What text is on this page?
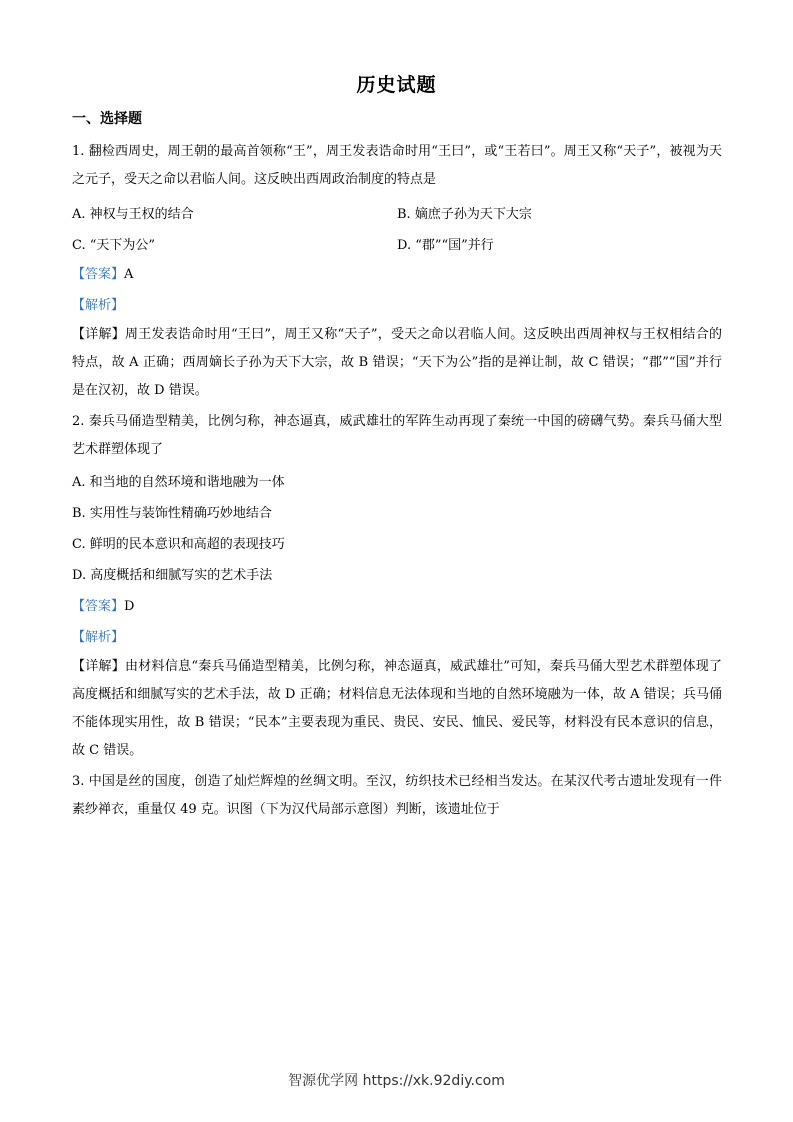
历史试题
一、选择题
1. 翻检西周史，周王朝的最高首领称“王”，周王发表诰命时用“王曰”，或“王若曰”。周王又称“天子”，被视为天之元子，受天之命以君临人间。这反映出西周政治制度的特点是
A. 神权与王权的结合	B. 嫡庶子孙为天下大宗
C. “天下为公”	D. “郡”“国”并行
【答案】A
【解析】
【详解】周王发表诰命时用“王曰”，周王又称“天子”，受天之命以君临人间。这反映出西周神权与王权相结合的特点，故 A 正确；西周嫡长子孙为天下大宗，故 B 错误；“天下为公”指的是禅让制，故 C 错误；“郡”“国”并行是在汉初，故 D 错误。
2. 秦兵马俑造型精美，比例匀称，神态逼真，威武雄壮的军阵生动再现了秦统一中国的磅礴气势。秦兵马俑大型艺术群塑体现了
A. 和当地的自然环境和谐地融为一体
B. 实用性与装饰性精确巧妙地结合
C. 鲜明的民本意识和高超的表现技巧
D. 高度概括和细腻写实的艺术手法
【答案】D
【解析】
【详解】由材料信息“秦兵马俑造型精美，比例匀称，神态逼真，威武雄壮”可知，秦兵马俑大型艺术群塑体现了高度概括和细腻写实的艺术手法，故 D 正确；材料信息无法体现和当地的自然环境融为一体，故 A 错误；兵马俑不能体现实用性，故 B 错误；“民本”主要表现为重民、贵民、安民、恤民、爱民等，材料没有民本意识的信息，故 C 错误。
3. 中国是丝的国度，创造了灿烂辉煌的丝绸文明。至汉，纺织技术已经相当发达。在某汉代考古遗址发现有一件素纱禅衣，重量仅 49 克。识图（下为汉代局部示意图）判断，该遗址位于
智源优学网 https://xk.92diy.com
